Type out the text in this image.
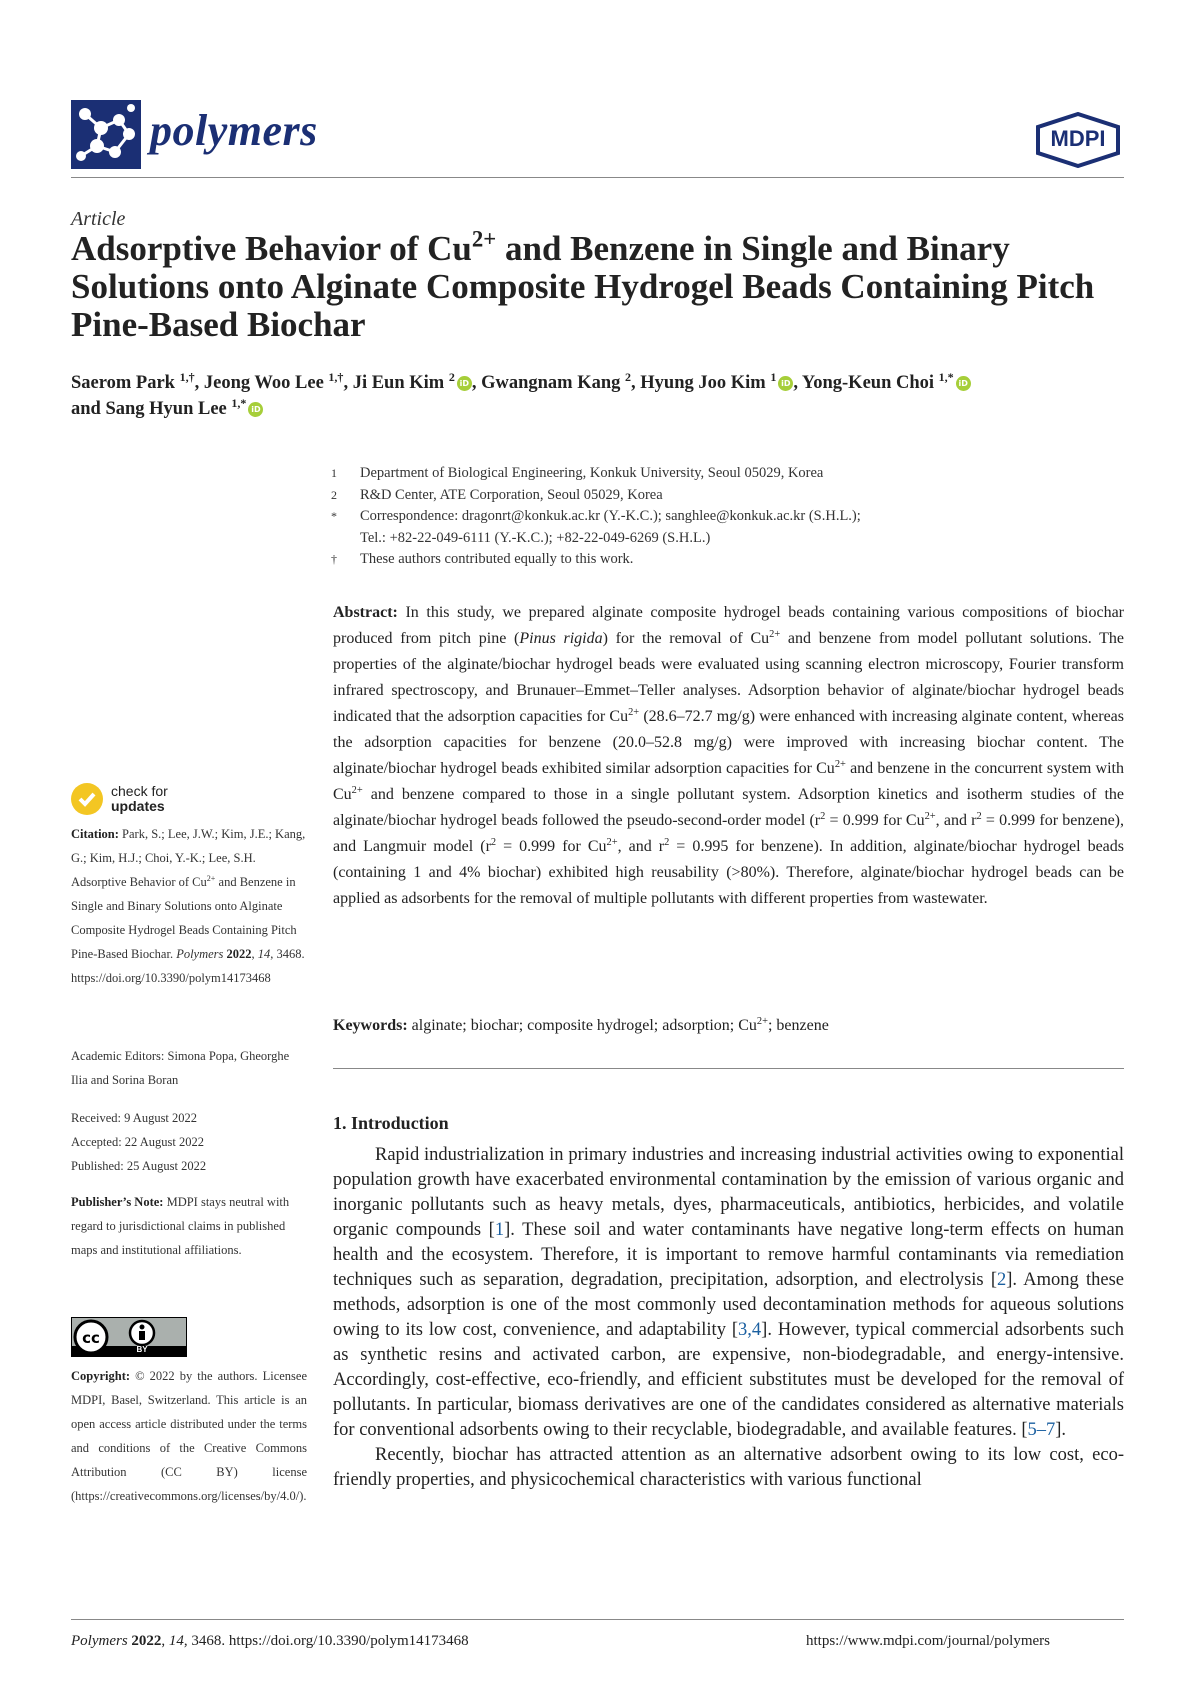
polymers	MDPI
Article
Adsorptive Behavior of $Cu^{2+}$ and Benzene in Single and Binary Solutions onto Alginate Composite Hydrogel Beads Containing Pitch Pine-Based Biochar
Saerom Park $^{1,\dagger}$, Jeong Woo Lee $^{1,\dagger}$, Ji Eun Kim $^2$ iD , Gwangnam Kang $^2$, Hyung Joo Kim $^1$ iD , Yong-Keun Choi $^{1,*}$ iD
and Sang Hyun Lee $^{1,*}$ iD
1	Department of Biological Engineering, Konkuk University, Seoul 05029, Korea
2	R&D Center, ATE Corporation, Seoul 05029, Korea
*	Correspondence: dragonrt@konkuk.ac.kr (Y.-K.C.); sanghlee@konkuk.ac.kr (S.H.L.);
Tel.: +82-22-049-6111 (Y.-K.C.); +82-22-049-6269 (S.H.L.)
†	These authors contributed equally to this work.
Abstract: In this study, we prepared alginate composite hydrogel beads containing various compositions of biochar produced from pitch pine (Pinus rigida) for the removal of $Cu^{2+}$ and benzene from model pollutant solutions. The properties of the alginate/biochar hydrogel beads were evaluated using scanning electron microscopy, Fourier transform infrared spectroscopy, and Brunauer–Emmet–Teller analyses. Adsorption behavior of alginate/biochar hydrogel beads indicated that the adsorption capacities for $Cu^{2+}$ (28.6–72.7 mg/g) were enhanced with increasing alginate content, whereas the adsorption capacities for benzene (20.0–52.8 mg/g) were improved with increasing biochar content. The alginate/biochar hydrogel beads exhibited similar adsorption capacities for $Cu^{2+}$ and benzene in the concurrent system with $Cu^{2+}$ and benzene compared to those in a single pollutant system. Adsorption kinetics and isotherm studies of the alginate/biochar hydrogel beads followed the pseudo-second-order model ($r^2 = 0.999$ for $Cu^{2+}$, and $r^2 = 0.999$ for benzene), and Langmuir model ($r^2 = 0.999$ for $Cu^{2+}$, and $r^2 = 0.995$ for benzene). In addition, alginate/biochar hydrogel beads (containing 1 and 4% biochar) exhibited high reusability (>80%). Therefore, alginate/biochar hydrogel beads can be applied as adsorbents for the removal of multiple pollutants with different properties from wastewater.
Keywords: alginate; biochar; composite hydrogel; adsorption; $Cu^{2+}$; benzene
1. Introduction

Rapid industrialization in primary industries and increasing industrial activities owing to exponential population growth have exacerbated environmental contamination by the emission of various organic and inorganic pollutants such as heavy metals, dyes, pharmaceuticals, antibiotics, herbicides, and volatile organic compounds [1]. These soil and water contaminants have negative long-term effects on human health and the ecosystem. Therefore, it is important to remove harmful contaminants via remediation techniques such as separation, degradation, precipitation, adsorption, and electrolysis [2]. Among these methods, adsorption is one of the most commonly used decontamination methods for aqueous solutions owing to its low cost, convenience, and adaptability [3,4]. However, typical commercial adsorbents such as synthetic resins and activated carbon, are expensive, non-biodegradable, and energy-intensive. Accordingly, cost-effective, eco-friendly, and efficient substitutes must be developed for the removal of pollutants. In particular, biomass derivatives are one of the candidates considered as alternative materials for conventional adsorbents owing to their recyclable, biodegradable, and available features. [5–7].

Recently, biochar has attracted attention as an alternative adsorbent owing to its low cost, eco-friendly properties, and physicochemical characteristics with various functional

check for
updates
Citation: Park, S.; Lee, J.W.; Kim, J.E.; Kang, G.; Kim, H.J.; Choi, Y.-K.; Lee, S.H. Adsorptive Behavior of $Cu^{2+}$ and Benzene in Single and Binary Solutions onto Alginate Composite Hydrogel Beads Containing Pitch Pine-Based Biochar. Polymers 2022, 14, 3468. https://doi.org/10.3390/polym14173468
Academic Editors: Simona Popa, Gheorghe Ilia and Sorina Boran
Received: 9 August 2022
Accepted: 22 August 2022
Published: 25 August 2022
Publisher’s Note: MDPI stays neutral with regard to jurisdictional claims in published maps and institutional affiliations.
cc
BY
Copyright: © 2022 by the authors. Licensee MDPI, Basel, Switzerland. This article is an open access article distributed under the terms and conditions of the Creative Commons Attribution (CC BY) license (https://creativecommons.org/licenses/by/4.0/).
Polymers 2022, 14, 3468. https://doi.org/10.3390/polym14173468	https://www.mdpi.com/journal/polymers
